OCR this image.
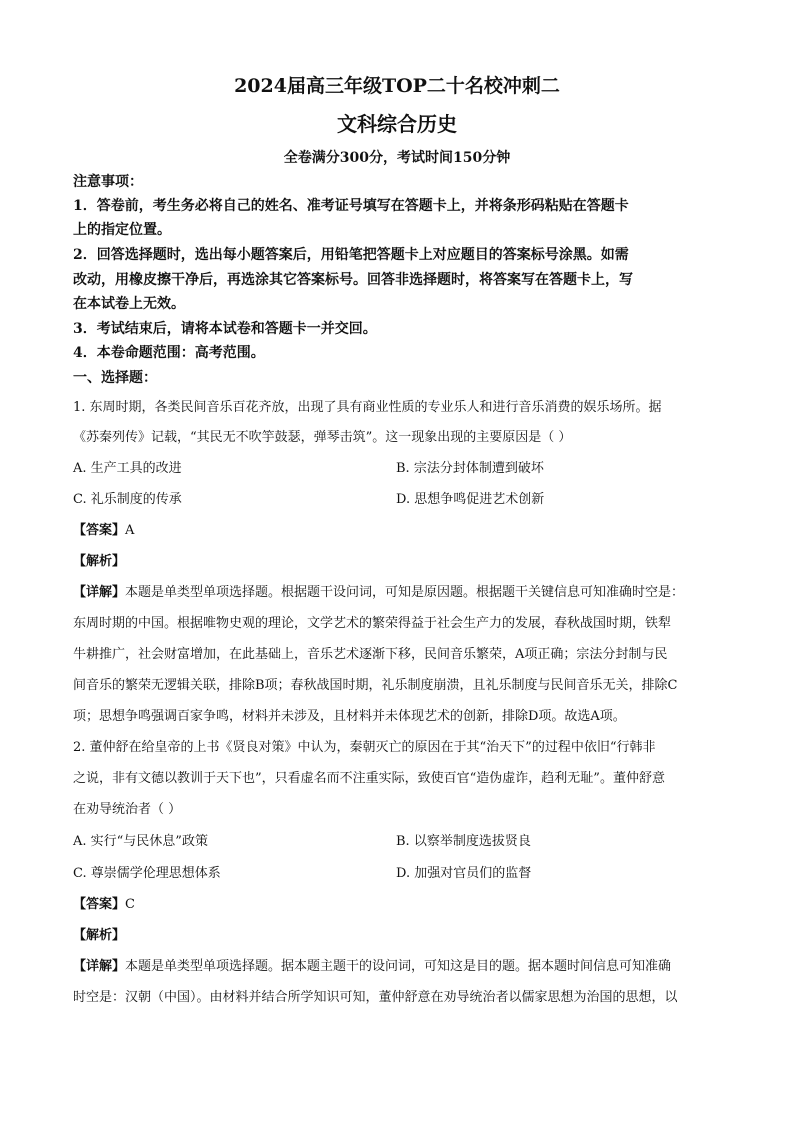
2024届高三年级TOP二十名校冲刺二
文科综合历史
全卷满分300分，考试时间150分钟
注意事项：
1．答卷前，考生务必将自己的姓名、准考证号填写在答题卡上，并将条形码粘贴在答题卡
上的指定位置。
2．回答选择题时，选出每小题答案后，用铅笔把答题卡上对应题目的答案标号涂黑。如需
改动，用橡皮擦干净后，再选涂其它答案标号。回答非选择题时，将答案写在答题卡上，写
在本试卷上无效。
3．考试结束后，请将本试卷和答题卡一并交回。
4．本卷命题范围：高考范围。
一、选择题：
1. 东周时期，各类民间音乐百花齐放，出现了具有商业性质的专业乐人和进行音乐消费的娱乐场所。据
《苏秦列传》记载，“其民无不吹竽鼓瑟，弹琴击筑”。这一现象出现的主要原因是（ ）
A. 生产工具的改进	B. 宗法分封体制遭到破坏
C. 礼乐制度的传承	D. 思想争鸣促进艺术创新
【答案】A
【解析】
【详解】本题是单类型单项选择题。根据题干设问词，可知是原因题。根据题干关键信息可知准确时空是：
东周时期的中国。根据唯物史观的理论，文学艺术的繁荣得益于社会生产力的发展，春秋战国时期，铁犁
牛耕推广，社会财富增加，在此基础上，音乐艺术逐渐下移，民间音乐繁荣，A项正确；宗法分封制与民
间音乐的繁荣无逻辑关联，排除B项；春秋战国时期，礼乐制度崩溃，且礼乐制度与民间音乐无关，排除C
项；思想争鸣强调百家争鸣，材料并未涉及，且材料并未体现艺术的创新，排除D项。故选A项。
2. 董仲舒在给皇帝的上书《贤良对策》中认为，秦朝灭亡的原因在于其“治天下”的过程中依旧“行韩非
之说，非有文德以教训于天下也”，只看虚名而不注重实际，致使百官“造伪虚诈，趋利无耻”。董仲舒意
在劝导统治者（ ）
A. 实行“与民休息”政策	B. 以察举制度选拔贤良
C. 尊崇儒学伦理思想体系	D. 加强对官员们的监督
【答案】C
【解析】
【详解】本题是单类型单项选择题。据本题主题干的设问词，可知这是目的题。据本题时间信息可知准确
时空是：汉朝（中国）。由材料并结合所学知识可知，董仲舒意在劝导统治者以儒家思想为治国的思想，以
